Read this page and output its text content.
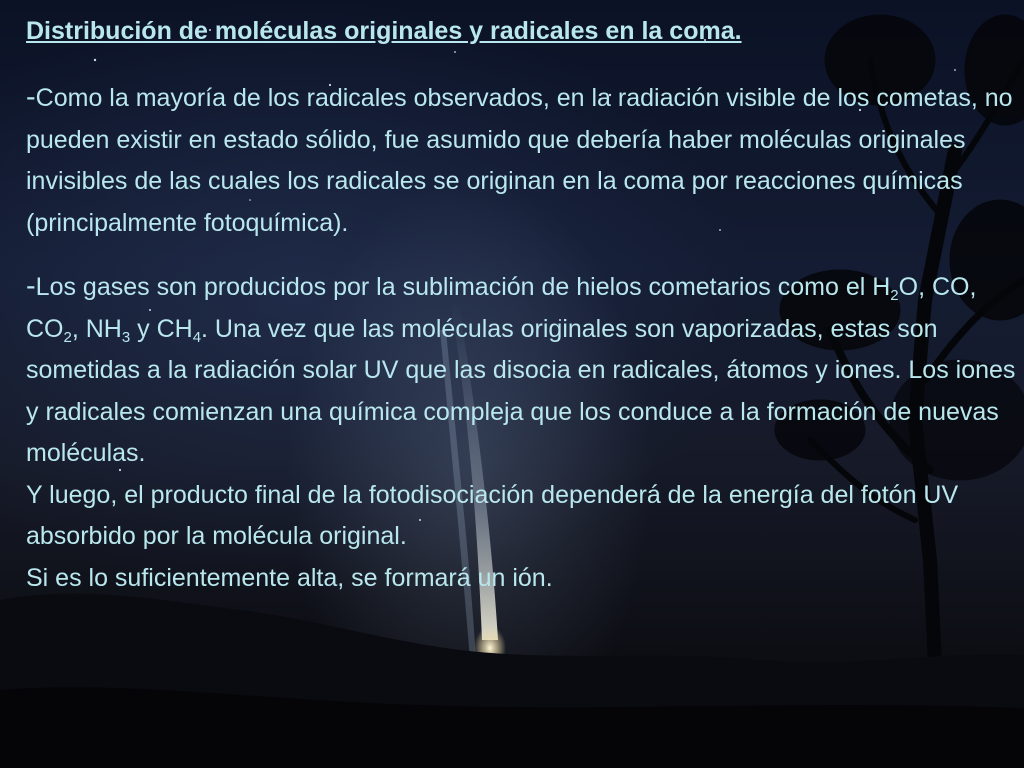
Distribución de moléculas originales y radicales en la coma.

-Como la mayoría de los radicales observados, en la radiación visible de los cometas, no pueden existir en estado sólido, fue asumido que debería haber moléculas originales invisibles de las cuales los radicales se originan en la coma por reacciones químicas (principalmente fotoquímica).

-Los gases son producidos por la sublimación de hielos cometarios como el $H_2O$, CO, $CO_2$, $NH_3$ y $CH_4$. Una vez que las moléculas originales son vaporizadas, estas son sometidas a la radiación solar UV que las disocia en radicales, átomos y iones. Los iones y radicales comienzan una química compleja que los conduce a la formación de nuevas moléculas.
Y luego, el producto final de la fotodisociación dependerá de la energía del fotón UV absorbido por la molécula original.
Si es lo suficientemente alta, se formará un ión.
